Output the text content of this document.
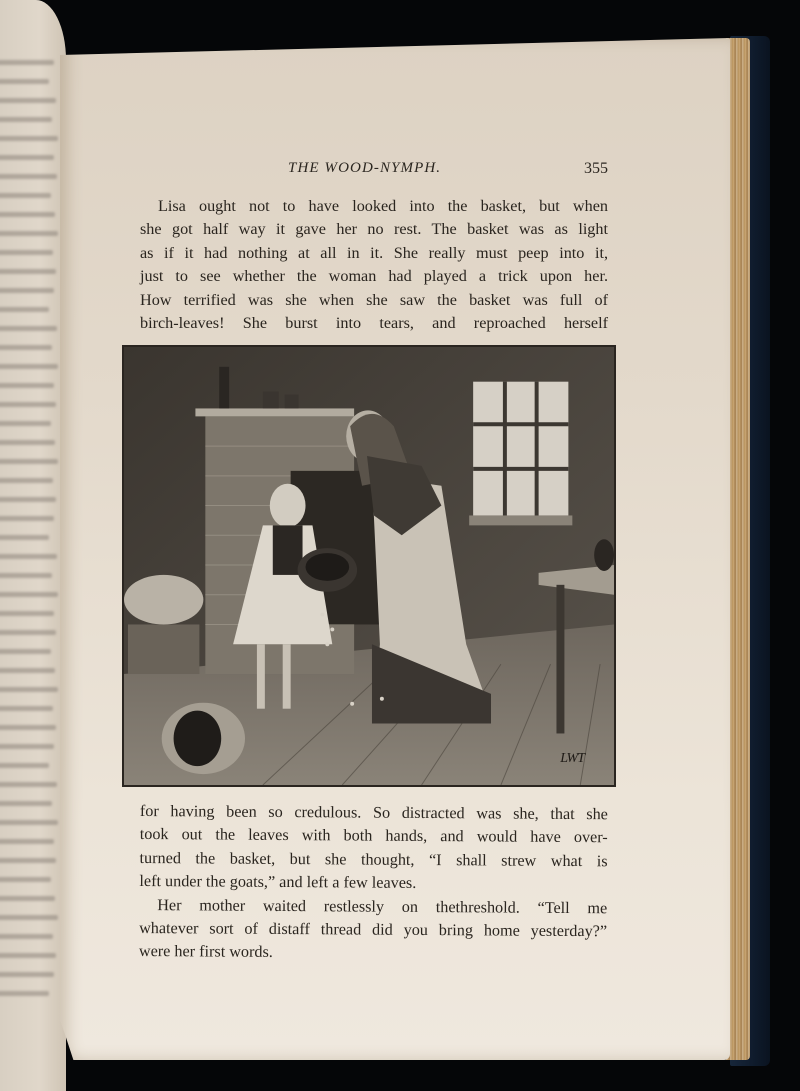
THE WOOD-NYMPH.	355
Lisa ought not to have looked into the basket, but when
she got half way it gave her no rest. The basket was as light
as if it had nothing at all in it. She really must peep into it,
just to see whether the woman had played a trick upon her.
How terrified was she when she saw the basket was full of
birch-leaves! She burst into tears, and reproached herself
LWT
for having been so credulous. So distracted was she, that she
took out the leaves with both hands, and would have over-
turned the basket, but she thought, “I shall strew what is
left under the goats,” and left a few leaves.
Her mother waited restlessly on thethreshold. “Tell me
whatever sort of distaff thread did you bring home yesterday?”
were her first words.
